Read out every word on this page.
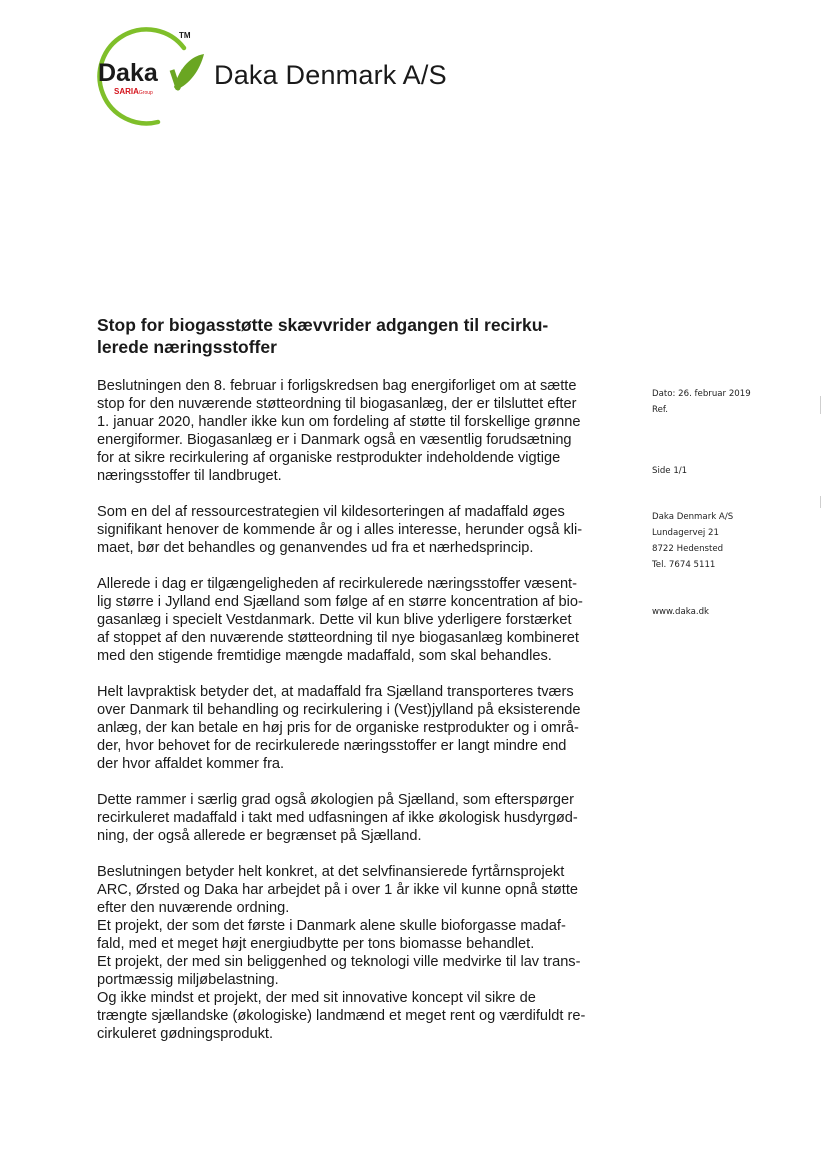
Daka
TM
SARIAGroup
Daka Denmark A/S
Stop for biogasstøtte skævvrider adgangen til recirku-
lerede næringsstoffer

Beslutningen den 8. februar i forligskredsen bag energiforliget om at sætte
stop for den nuværende støtteordning til biogasanlæg, der er tilsluttet efter
1. januar 2020, handler ikke kun om fordeling af støtte til forskellige grønne
energiformer. Biogasanlæg er i Danmark også en væsentlig forudsætning
for at sikre recirkulering af organiske restprodukter indeholdende vigtige
næringsstoffer til landbruget.

Som en del af ressourcestrategien vil kildesorteringen af madaffald øges
signifikant henover de kommende år og i alles interesse, herunder også kli-
maet, bør det behandles og genanvendes ud fra et nærhedsprincip.

Allerede i dag er tilgængeligheden af recirkulerede næringsstoffer væsent-
lig større i Jylland end Sjælland som følge af en større koncentration af bio-
gasanlæg i specielt Vestdanmark. Dette vil kun blive yderligere forstærket
af stoppet af den nuværende støtteordning til nye biogasanlæg kombineret
med den stigende fremtidige mængde madaffald, som skal behandles.

Helt lavpraktisk betyder det, at madaffald fra Sjælland transporteres tværs
over Danmark til behandling og recirkulering i (Vest)jylland på eksisterende
anlæg, der kan betale en høj pris for de organiske restprodukter og i områ-
der, hvor behovet for de recirkulerede næringsstoffer er langt mindre end
der hvor affaldet kommer fra.

Dette rammer i særlig grad også økologien på Sjælland, som efterspørger
recirkuleret madaffald i takt med udfasningen af ikke økologisk husdyrgød-
ning, der også allerede er begrænset på Sjælland.

Beslutningen betyder helt konkret, at det selvfinansierede fyrtårnsprojekt
ARC, Ørsted og Daka har arbejdet på i over 1 år ikke vil kunne opnå støtte
efter den nuværende ordning.
Et projekt, der som det første i Danmark alene skulle bioforgasse madaf-
fald, med et meget højt energiudbytte per tons biomasse behandlet.
Et projekt, der med sin beliggenhed og teknologi ville medvirke til lav trans-
portmæssig miljøbelastning.
Og ikke mindst et projekt, der med sit innovative koncept vil sikre de
trængte sjællandske (økologiske) landmænd et meget rent og værdifuldt re-
cirkuleret gødningsprodukt.

Dato: 26. februar 2019
Ref.
Side 1/1
Daka Denmark A/S
Lundagervej 21
8722 Hedensted
Tel. 7674 5111
www.daka.dk
